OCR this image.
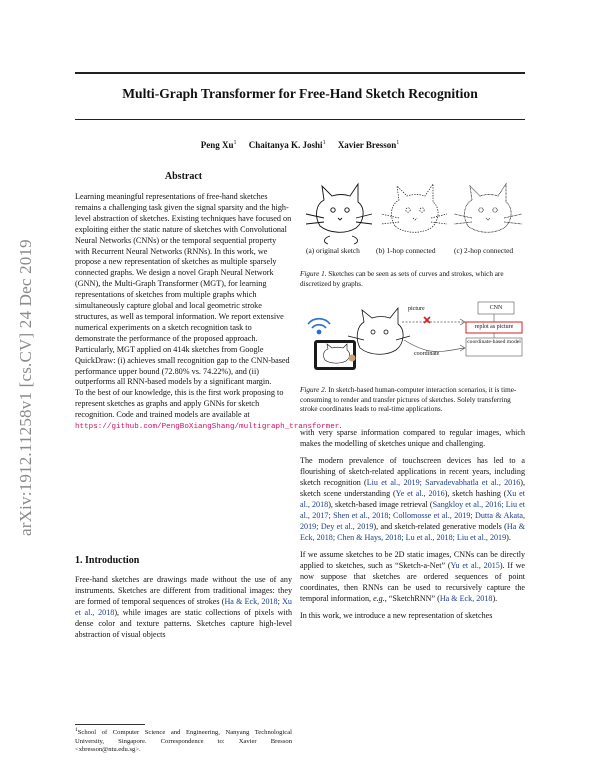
arXiv:1912.11258v1 [cs.CV] 24 Dec 2019
Multi-Graph Transformer for Free-Hand Sketch Recognition
Peng Xu$^1$ Chaitanya K. Joshi$^1$ Xavier Bresson$^1$
Abstract

Learning meaningful representations of free-hand sketches remains a challenging task given the signal sparsity and the high-level abstraction of sketches. Existing techniques have focused on exploiting either the static nature of sketches with Convolutional Neural Networks (CNNs) or the temporal sequential property with Recurrent Neural Networks (RNNs). In this work, we propose a new representation of sketches as multiple sparsely connected graphs. We design a novel Graph Neural Network (GNN), the Multi-Graph Transformer (MGT), for learning representations of sketches from multiple graphs which simultaneously capture global and local geometric stroke structures, as well as temporal information. We report extensive numerical experiments on a sketch recognition task to demonstrate the performance of the proposed approach. Particularly, MGT applied on 414k sketches from Google QuickDraw: (i) achieves small recognition gap to the CNN-based performance upper bound (72.80% vs. 74.22%), and (ii) outperforms all RNN-based models by a significant margin.

To the best of our knowledge, this is the first work proposing to represent sketches as graphs and apply GNNs for sketch recognition. Code and trained models are available at https://github.com/PengBoXiangShang/multigraph_transformer.

1. Introduction
Free-hand sketches are drawings made without the use of any instruments. Sketches are different from traditional images: they are formed of temporal sequences of strokes (Ha & Eck, 2018; Xu et al., 2018), while images are static collections of pixels with dense color and texture patterns. Sketches capture high-level abstraction of visual objects
$^1$School of Computer Science and Engineering, Nanyang Technological University, Singapore. Correspondence to: Xavier Bresson <xbresson@ntu.edu.sg>.
(a) original sketch (b) 1-hop connected (c) 2-hop connected
Figure 1. Sketches can be seen as sets of curves and strokes, which are discretized by graphs.
picture
coordinate
CNN
replot as picture
coordinate-based model
Figure 2. In sketch-based human-computer interaction scenarios, it is time-consuming to render and transfer pictures of sketches. Solely transferring stroke coordinates leads to real-time applications.

with very sparse information compared to regular images, which makes the modelling of sketches unique and challenging.

The modern prevalence of touchscreen devices has led to a flourishing of sketch-related applications in recent years, including sketch recognition (Liu et al., 2019; Sarvadevabhatla et al., 2016), sketch scene understanding (Ye et al., 2016), sketch hashing (Xu et al., 2018), sketch-based image retrieval (Sangkloy et al., 2016; Liu et al., 2017; Shen et al., 2018; Collomosse et al., 2019; Dutta & Akata, 2019; Dey et al., 2019), and sketch-related generative models (Ha & Eck, 2018; Chen & Hays, 2018; Lu et al., 2018; Liu et al., 2019).

If we assume sketches to be 2D static images, CNNs can be directly applied to sketches, such as “Sketch-a-Net” (Yu et al., 2015). If we now suppose that sketches are ordered sequences of point coordinates, then RNNs can be used to recursively capture the temporal information, e.g., “SketchRNN” (Ha & Eck, 2018).

In this work, we introduce a new representation of sketches
